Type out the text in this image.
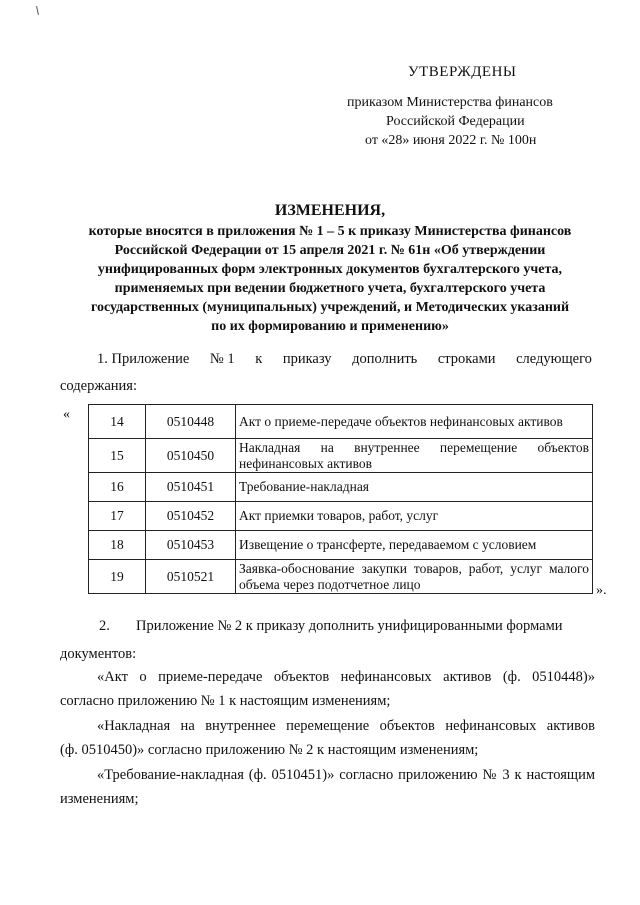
УТВЕРЖДЕНЫ
приказом Министерства финансов
Российской Федерации
от «28» июня 2022 г. № 100н
ИЗМЕНЕНИЯ,
которые вносятся в приложения № 1 – 5 к приказу Министерства финансов
Российской Федерации от 15 апреля 2021 г. № 61н «Об утверждении
унифицированных форм электронных документов бухгалтерского учета,
применяемых при ведении бюджетного учета, бухгалтерского учета
государственных (муниципальных) учреждений, и Методических указаний
по их формированию и применению»
1. Приложение № 1 к приказу дополнить строками следующего
содержания:
«
».
14	0510448	Акт о приеме-передаче объектов нефинансовых активов
15	0510450	Накладная на внутреннее перемещение объектов нефинансовых активов
16	0510451	Требование-накладная
17	0510452	Акт приемки товаров, работ, услуг
18	0510453	Извещение о трансферте, передаваемом с условием
19	0510521	Заявка-обоснование закупки товаров, работ, услуг малого объема через подотчетное лицо
2. Приложение № 2 к приказу дополнить унифицированными формами
документов:
«Акт о приеме-передаче объектов нефинансовых активов (ф. 0510448)»
согласно приложению № 1 к настоящим изменениям;
«Накладная на внутреннее перемещение объектов нефинансовых активов
(ф. 0510450)» согласно приложению № 2 к настоящим изменениям;
«Требование-накладная (ф. 0510451)» согласно приложению № 3 к настоящим
изменениям;
